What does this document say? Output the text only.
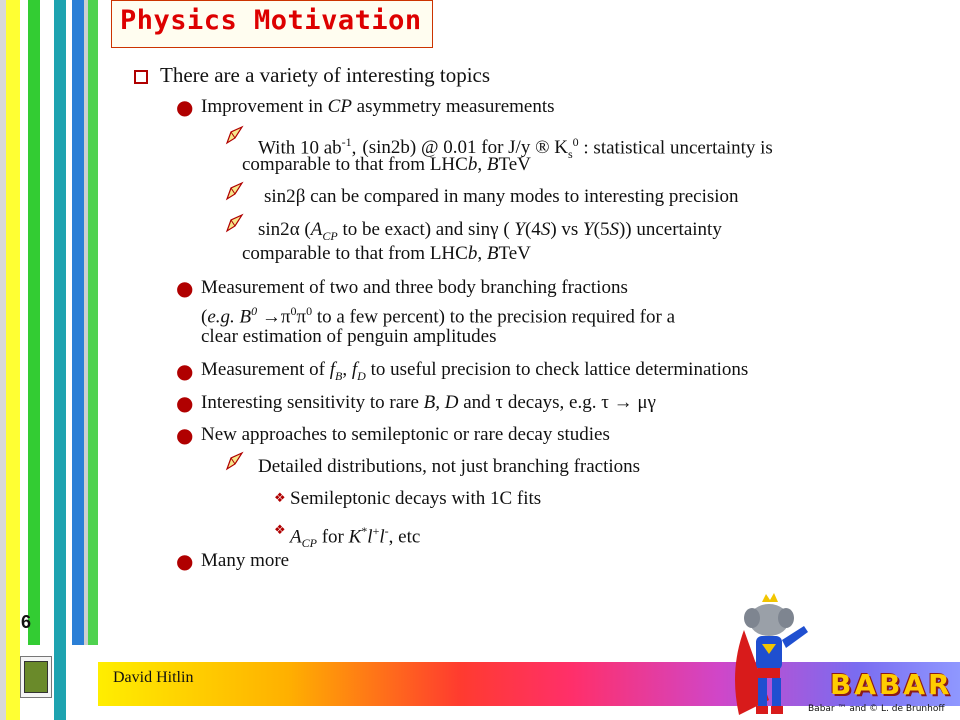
6
David Hitlin
Physics Motivation
There are a variety of interesting topics
● Improvement in CP asymmetry measurements
With 10 $ab^{-1}$, (sin2b) @ 0.01 for J/y ® $K_s^0$ : statistical uncertainty is
comparable to that from LHCb, BTeV
sin2β can be compared in many modes to interesting precision
sin2α ($A_{CP}$ to be exact) and sinγ ( Y(4S) vs Y(5S)) uncertainty
comparable to that from LHCb, BTeV
● Measurement of two and three body branching fractions
(e.g. $B^0 \to\pi^0\pi^0$ to a few percent) to the precision required for a
clear estimation of penguin amplitudes
● Measurement of $f_B$, $f_D$ to useful precision to check lattice determinations
● Interesting sensitivity to rare B, D and τ decays, e.g. τ → μγ
● New approaches to semileptonic or rare decay studies
Detailed distributions, not just branching fractions
❖ Semileptonic decays with 1C fits
❖ $A_{CP}$ for K*l+l-, etc
● Many more
BABAR
Babar ™ and © L. de Brunhoff
